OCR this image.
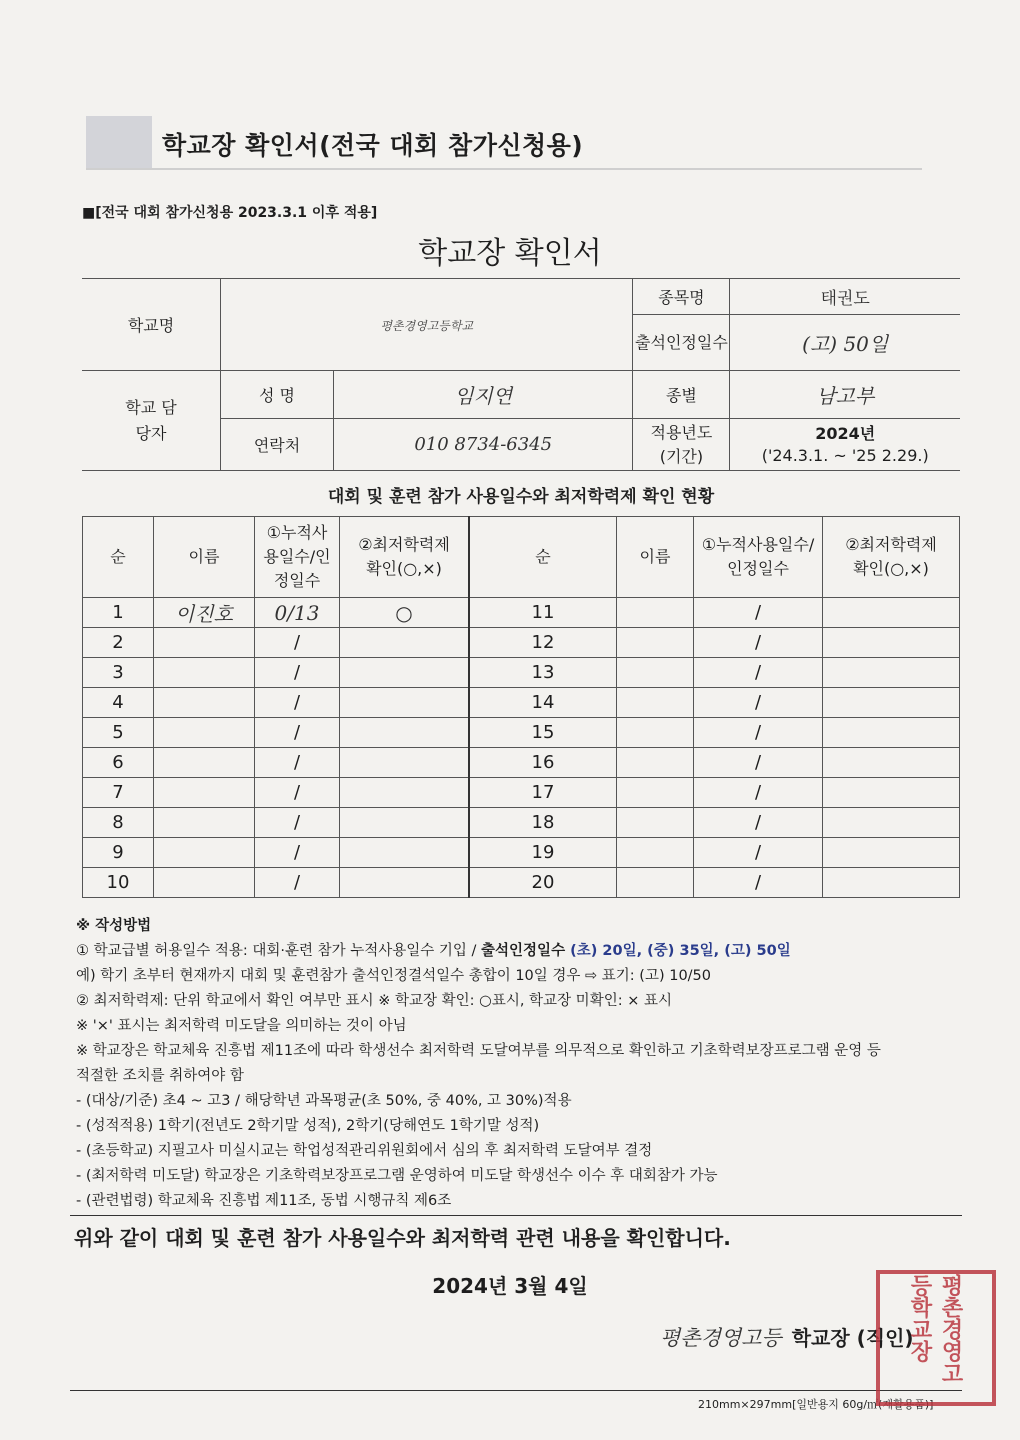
학교장 확인서(전국 대회 참가신청용)
■[전국 대회 참가신청용 2023.3.1 이후 적용]
학교장 확인서
학교명	평촌경영고등학교		종목명	태권도
			출석인정일수	(고) 50일

학교 담당자	성 명	임지연	종별	남고부
	연락처	010 8734-6345	적용년도 (기간)	2024년
('24.3.1. ~ '25 2.29.)
대회 및 훈련 참가 사용일수와 최저학력제 확인 현황
순	이름	①누적사용일수/인정일수	②최저학력제 확인(○,×)	순	이름	①누적사용일수/인정일수	②최저학력제 확인(○,×)

1	이진호	0/13	○	11		/	
2		/		12		/	
3		/		13		/	
4		/		14		/	
5		/		15		/	
6		/		16		/	
7		/		17		/	
8		/		18		/	
9		/		19		/	
10		/		20		/	
※ 작성방법
① 학교급별 허용일수 적용: 대회·훈련 참가 누적사용일수 기입 / 출석인정일수 (초) 20일, (중) 35일, (고) 50일
예) 학기 초부터 현재까지 대회 및 훈련참가 출석인정결석일수 총합이 10일 경우 ⇨ 표기: (고) 10/50
② 최저학력제: 단위 학교에서 확인 여부만 표시 ※ 학교장 확인: ○표시, 학교장 미확인: × 표시
※ '×' 표시는 최저학력 미도달을 의미하는 것이 아님
※ 학교장은 학교체육 진흥법 제11조에 따라 학생선수 최저학력 도달여부를 의무적으로 확인하고 기초학력보장프로그램 운영 등
적절한 조치를 취하여야 함
- (대상/기준) 초4 ~ 고3 / 해당학년 과목평균(초 50%, 중 40%, 고 30%)적용
- (성적적용) 1학기(전년도 2학기말 성적), 2학기(당해연도 1학기말 성적)
- (초등학교) 지필고사 미실시교는 학업성적관리위원회에서 심의 후 최저학력 도달여부 결정
- (최저학력 미도달) 학교장은 기초학력보장프로그램 운영하여 미도달 학생선수 이수 후 대회참가 가능
- (관련법령) 학교체육 진흥법 제11조, 동법 시행규칙 제6조
위와 같이 대회 및 훈련 참가 사용일수와 최저학력 관련 내용을 확인합니다.
2024년 3월 4일
평촌경영고등 학교장 (직인)
210mm×297mm[일반용지 60g/㎡(재활용품)]
평촌경영고등학교장
